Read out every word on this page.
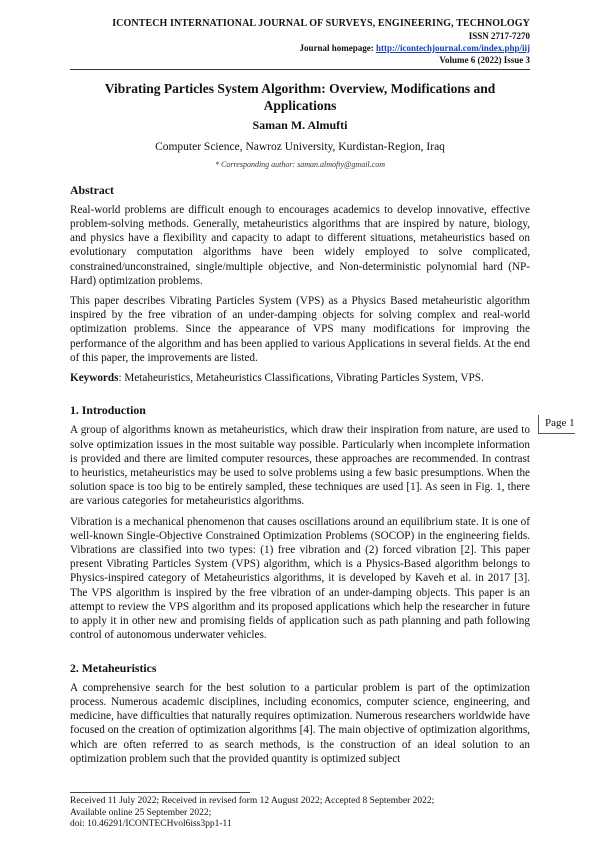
ICONTECH INTERNATIONAL JOURNAL OF SURVEYS, ENGINEERING, TECHNOLOGY
ISSN 2717-7270
Journal homepage: http://icontechjournal.com/index.php/iij
Volume 6 (2022) Issue 3
Vibrating Particles System Algorithm: Overview, Modifications and Applications
Saman M. Almufti
Computer Science, Nawroz University, Kurdistan-Region, Iraq
* Corresponding author: saman.almofty@gmail.com
Abstract

Real-world problems are difficult enough to encourages academics to develop innovative, effective problem-solving methods. Generally, metaheuristics algorithms that are inspired by nature, biology, and physics have a flexibility and capacity to adapt to different situations, metaheuristics based on evolutionary computation algorithms have been widely employed to solve complicated, constrained/unconstrained, single/multiple objective, and Non-deterministic polynomial hard (NP-Hard) optimization problems.

This paper describes Vibrating Particles System (VPS) as a Physics Based metaheuristic algorithm inspired by the free vibration of an under-damping objects for solving complex and real-world optimization problems. Since the appearance of VPS many modifications for improving the performance of the algorithm and has been applied to various Applications in several fields. At the end of this paper, the improvements are listed.

Keywords: Metaheuristics, Metaheuristics Classifications, Vibrating Particles System, VPS.

1. Introduction

A group of algorithms known as metaheuristics, which draw their inspiration from nature, are used to solve optimization issues in the most suitable way possible. Particularly when incomplete information is provided and there are limited computer resources, these approaches are recommended. In contrast to heuristics, metaheuristics may be used to solve problems using a few basic presumptions. When the solution space is too big to be entirely sampled, these techniques are used [1]. As seen in Fig. 1, there are various categories for metaheuristics algorithms.

Vibration is a mechanical phenomenon that causes oscillations around an equilibrium state. It is one of well-known Single-Objective Constrained Optimization Problems (SOCOP) in the engineering fields. Vibrations are classified into two types: (1) free vibration and (2) forced vibration [2]. This paper present Vibrating Particles System (VPS) algorithm, which is a Physics-Based algorithm belongs to Physics-inspired category of Metaheuristics algorithms, it is developed by Kaveh et al. in 2017 [3]. The VPS algorithm is inspired by the free vibration of an under-damping objects. This paper is an attempt to review the VPS algorithm and its proposed applications which help the researcher in future to apply it in other new and promising fields of application such as path planning and path following control of autonomous underwater vehicles.

2. Metaheuristics

A comprehensive search for the best solution to a particular problem is part of the optimization process. Numerous academic disciplines, including economics, computer science, engineering, and medicine, have difficulties that naturally requires optimization. Numerous researchers worldwide have focused on the creation of optimization algorithms [4]. The main objective of optimization algorithms, which are often referred to as search methods, is the construction of an ideal solution to an optimization problem such that the provided quantity is optimized subject

Page 1
Received 11 July 2022; Received in revised form 12 August 2022; Accepted 8 September 2022;
Available online 25 September 2022;
doi: 10.46291/ICONTECHvol6iss3pp1-11
